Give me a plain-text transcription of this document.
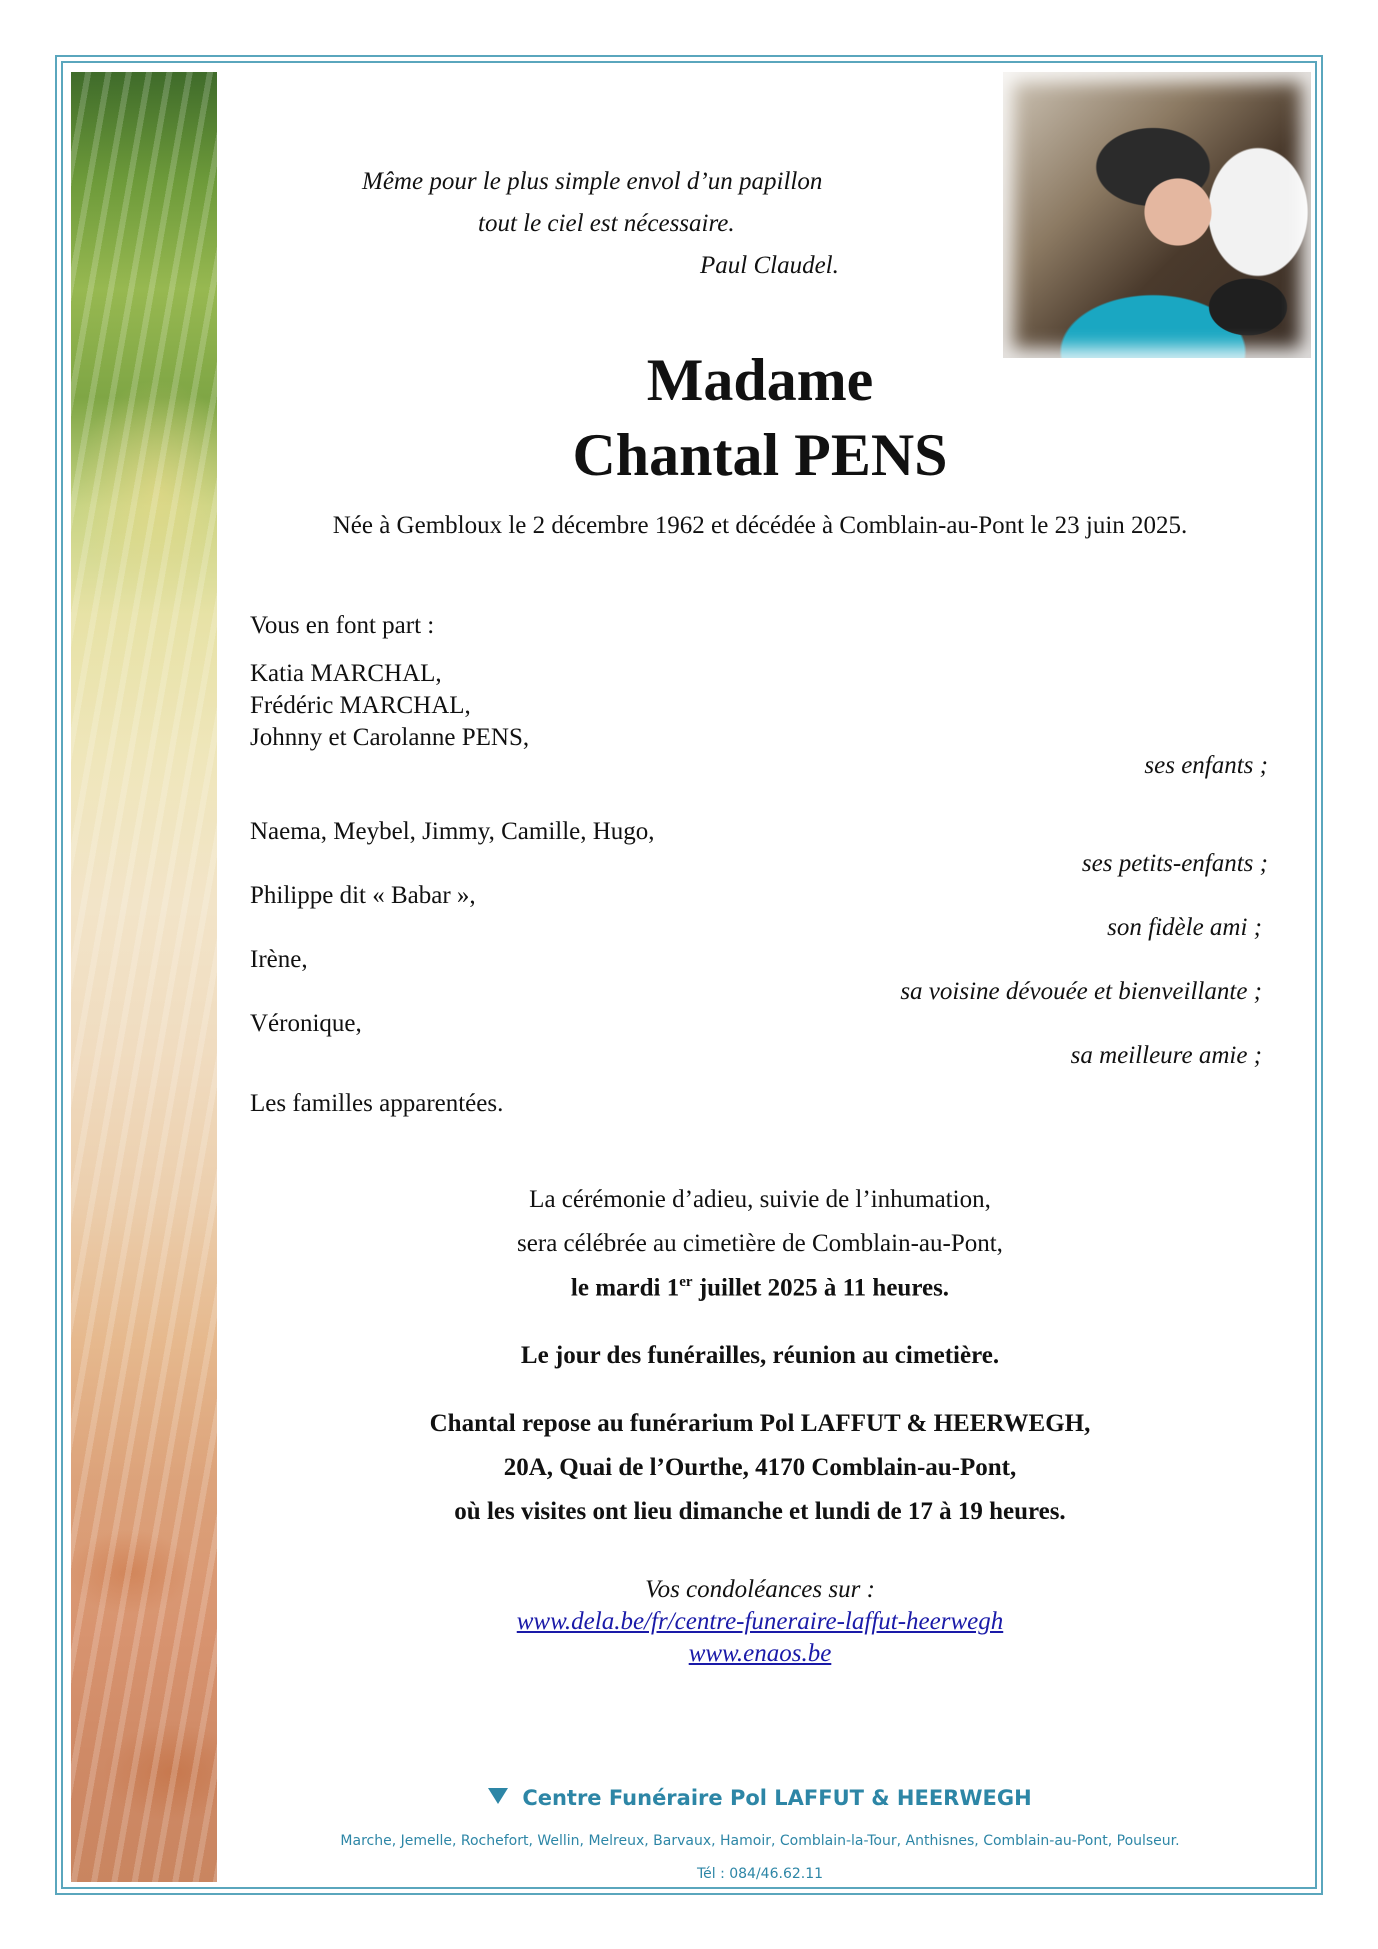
Même pour le plus simple envol d’un papillon
tout le ciel est nécessaire.
Paul Claudel.
Madame
Chantal PENS
Née à Gembloux le 2 décembre 1962 et décédée à Comblain-au-Pont le 23 juin 2025.
Vous en font part :
Katia MARCHAL,
Frédéric MARCHAL,
Johnny et Carolanne PENS,
ses enfants ;
Naema, Meybel, Jimmy, Camille, Hugo,
ses petits-enfants ;
Philippe dit « Babar »,
son fidèle ami ;
Irène,
sa voisine dévouée et bienveillante ;
Véronique,
sa meilleure amie ;
Les familles apparentées.
La cérémonie d’adieu, suivie de l’inhumation,
sera célébrée au cimetière de Comblain-au-Pont,
le mardi 1er juillet 2025 à 11 heures.
Le jour des funérailles, réunion au cimetière.
Chantal repose au funérarium Pol LAFFUT & HEERWEGH,
20A, Quai de l’Ourthe, 4170 Comblain-au-Pont,
où les visites ont lieu dimanche et lundi de 17 à 19 heures.
Vos condoléances sur :
www.dela.be/fr/centre-funeraire-laffut-heerwegh
www.enaos.be
Centre Funéraire Pol LAFFUT & HEERWEGH
Marche, Jemelle, Rochefort, Wellin, Melreux, Barvaux, Hamoir, Comblain-la-Tour, Anthisnes, Comblain-au-Pont, Poulseur.
Tél : 084/46.62.11
